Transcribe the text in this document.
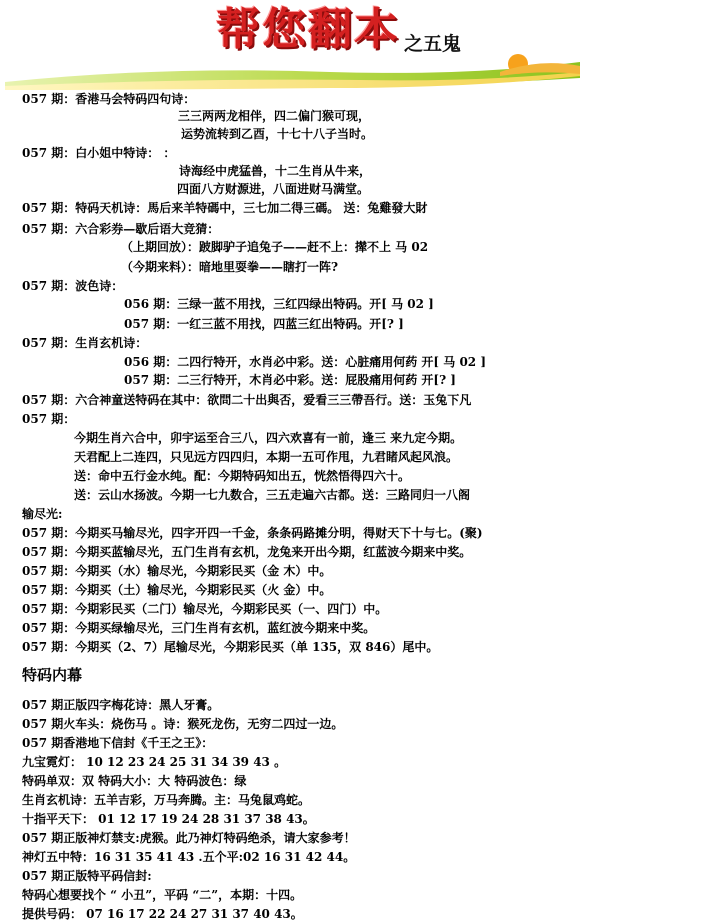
帮您翻本 之五鬼
057 期：香港马会特码四句诗：
三三两两龙相伴，四二偏门猴可现，
运势流转到乙酉，十七十八子当时。
057 期：白小姐中特诗： ：
诗海经中虎猛兽，十二生肖从牛来，
四面八方财源进，八面进财马满堂。
057 期：特码天机诗：馬后来羊特碼中，三七加二得三碼。 送：兔雞發大財
057 期：六合彩券—歇后语大竞猜：
（上期回放）：跛脚驴子追兔子——赶不上：撵不上 马 02
（今期来料）：暗地里耍拳——瞎打一阵?
057 期：波色诗：
056 期：三绿一蓝不用找，三红四绿出特码。开[ 马 02 ]
057 期：一红三蓝不用找，四蓝三红出特码。开[? ]
057 期：生肖玄机诗：
056 期：二四行特开，水肖必中彩。送：心脏痛用何药 开[ 马 02 ]
057 期：二三行特开，木肖必中彩。送：屁股痛用何药 开[? ]
057 期：六合神童送特码在其中：欲問二十出與否，爱看三三帶吾行。送：玉兔下凡
057 期：
今期生肖六合中，卯宇运至合三八，四六欢喜有一前，逢三 来九定今期。
天君配上二连四，只见远方四四归，本期一五可作甩，九君睹风起风浪。
送：命中五行金水纯。配：今期特码知出五，恍然悟得四六十。
送：云山水扬波。今期一七九数合，三五走遍六古都。送：三路同归一八阁
输尽光:
057 期：今期买马输尽光，四字开四一千金，条条码路摊分明，得财天下十与七。(聚)
057 期：今期买蓝输尽光，五门生肖有玄机，龙兔来开出今期，红蓝波今期来中奖。
057 期：今期买（水）输尽光，今期彩民买（金 木）中。
057 期：今期买（土）输尽光，今期彩民买（火 金）中。
057 期：今期彩民买（二门）输尽光，今期彩民买（一、四门）中。
057 期：今期买绿输尽光，三门生肖有玄机，蓝红波今期来中奖。
057 期：今期买（2、7）尾输尽光，今期彩民买（单 135，双 846）尾中。
057 期正版四字梅花诗：黑人牙膏。
057 期火车头：烧伤马 。诗：猴死龙伤，无穷二四过一边。
057 期香港地下信封《千王之王》：
九宝霓灯： 10 12 23 24 25 31 34 39 43 。
特码单双：双 特码大小：大 特码波色：绿
生肖玄机诗：五羊吉彩，万马奔腾。主：马兔鼠鸡蛇。
十指平天下： 01 12 17 19 24 28 31 37 38 43。
057 期正版神灯禁支:虎猴。此乃神灯特码绝杀，请大家参考！
神灯五中特：16 31 35 41 43 .五个平:02 16 31 42 44。
057 期正版特平码信封:
特码心想要找个 “ 小丑”，平码 “二”，本期：十四。
提供号码： 07 16 17 22 24 27 31 37 40 43。
特码内幕
